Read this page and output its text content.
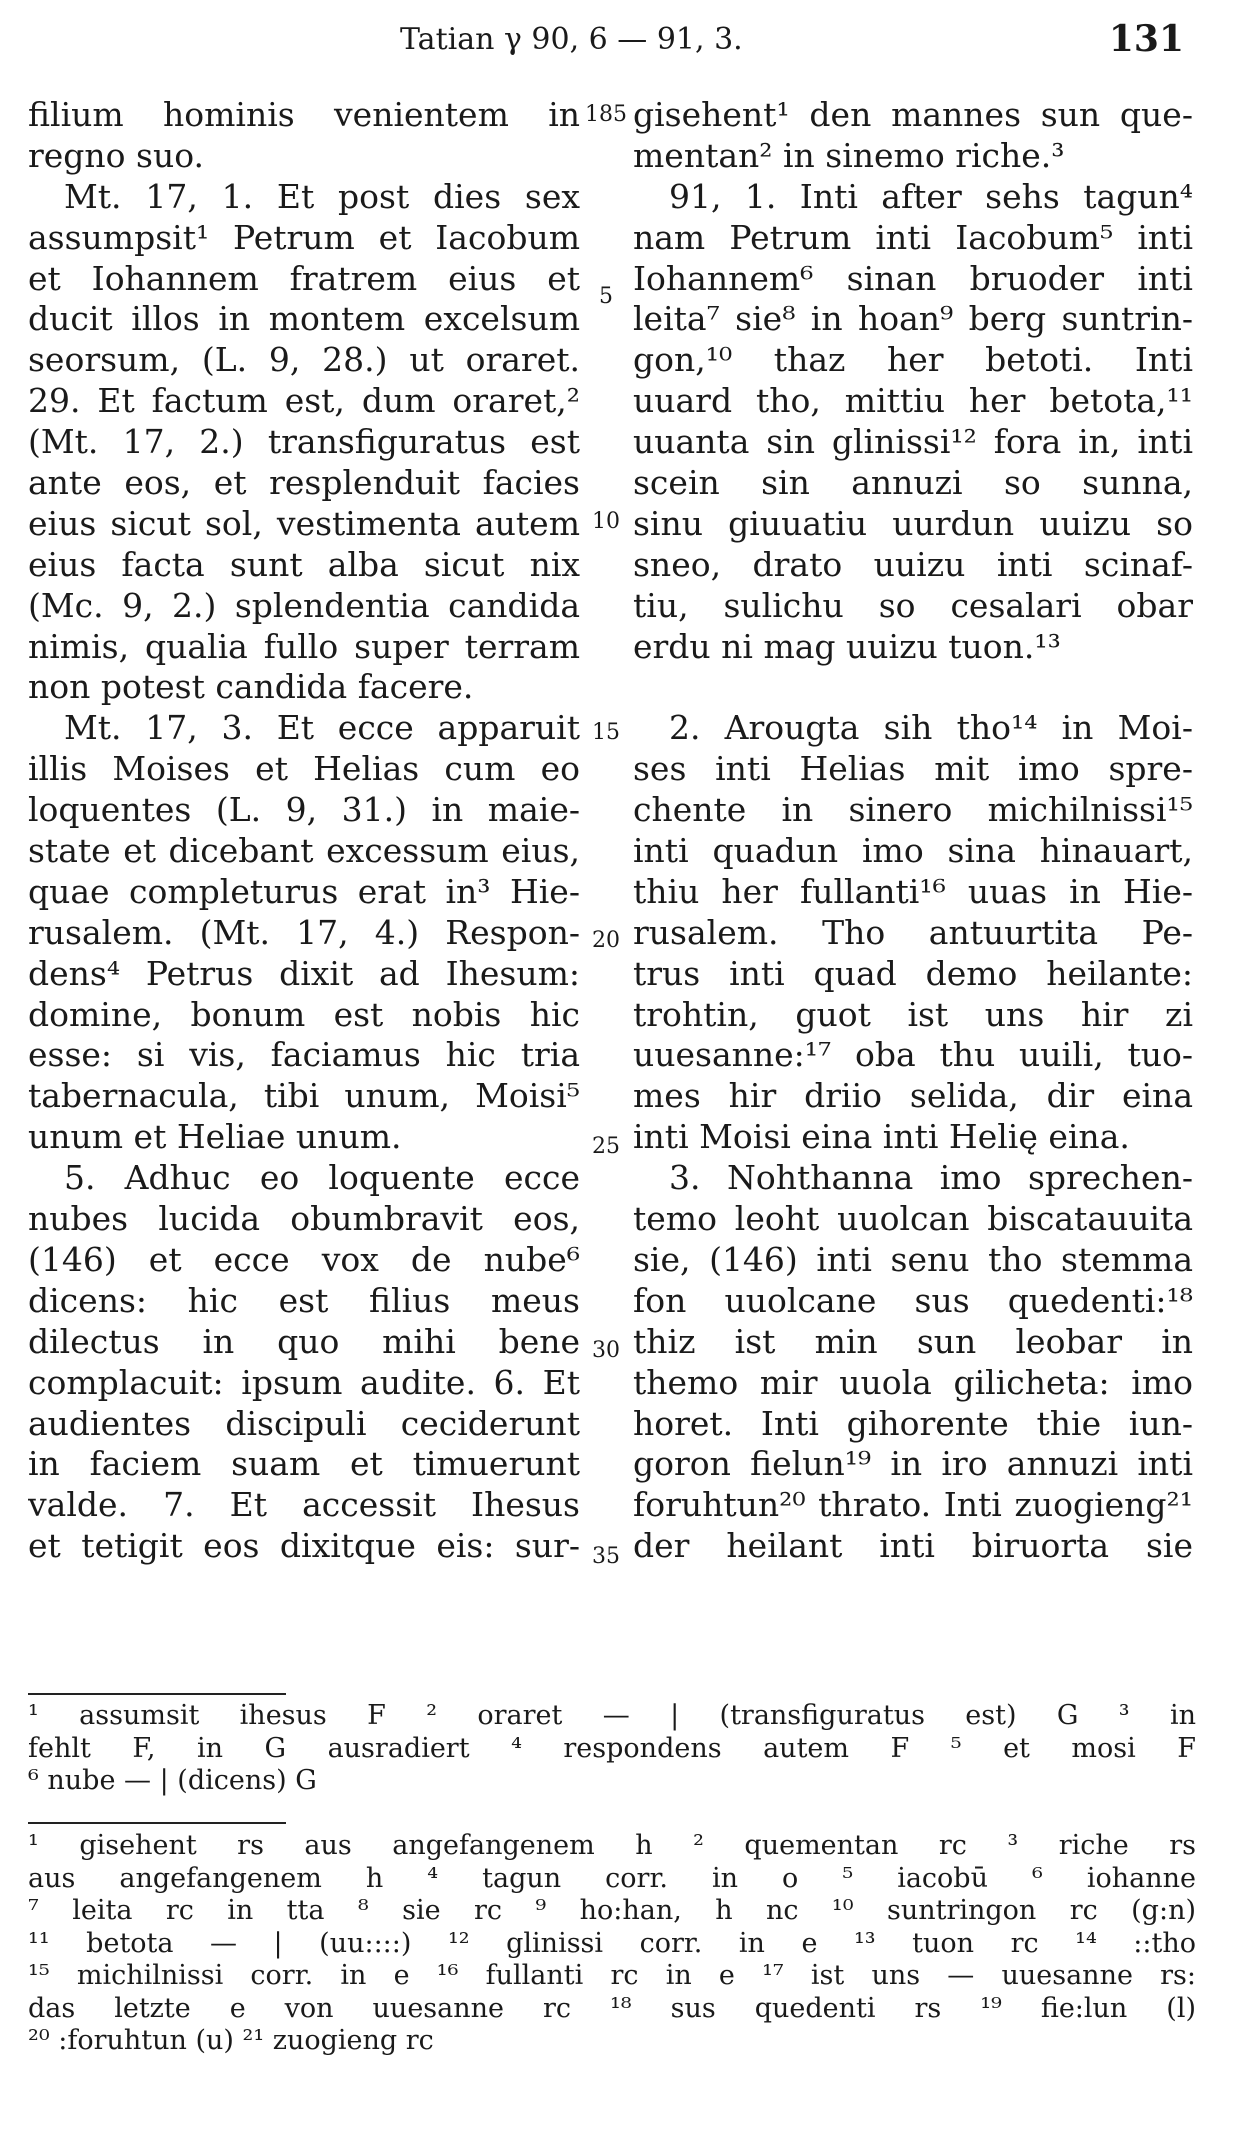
Tatian γ 90, 6 — 91, 3.	131
filium hominis venientem in
regno suo.
Mt. 17, 1. Et post dies sex
assumpsit¹ Petrum et Iacobum
et Iohannem fratrem eius et
ducit illos in montem excelsum
seorsum, (L. 9, 28.) ut oraret.
29. Et factum est, dum oraret,²
(Mt. 17, 2.) transfiguratus est
ante eos, et resplenduit facies
eius sicut sol, vestimenta autem
eius facta sunt alba sicut nix
(Mc. 9, 2.) splendentia candida
nimis, qualia fullo super terram
non potest candida facere.
Mt. 17, 3. Et ecce apparuit
illis Moises et Helias cum eo
loquentes (L. 9, 31.) in maie-
state et dicebant excessum eius,
quae completurus erat in³ Hie-
rusalem. (Mt. 17, 4.) Respon-
dens⁴ Petrus dixit ad Ihesum:
domine, bonum est nobis hic
esse: si vis, faciamus hic tria
tabernacula, tibi unum, Moisi⁵
unum et Heliae unum.
5. Adhuc eo loquente ecce
nubes lucida obumbravit eos,
(146) et ecce vox de nube⁶
dicens: hic est filius meus
dilectus in quo mihi bene
complacuit: ipsum audite. 6. Et
audientes discipuli ceciderunt
in faciem suam et timuerunt
valde. 7. Et accessit Ihesus
et tetigit eos dixitque eis: sur-
185
5
10
15
20
25
30
35
gisehent¹ den mannes sun que-
mentan² in sinemo riche.³
91, 1. Inti after sehs tagun⁴
nam Petrum inti Iacobum⁵ inti
Iohannem⁶ sinan bruoder inti
leita⁷ sie⁸ in hoan⁹ berg suntrin-
gon,¹⁰ thaz her betoti. Inti
uuard tho, mittiu her betota,¹¹
uuanta sin glinissi¹² fora in, inti
scein sin annuzi so sunna,
sinu giuuatiu uurdun uuizu so
sneo, drato uuizu inti scinaf-
tiu, sulichu so cesalari obar
erdu ni mag uuizu tuon.¹³
2. Arougta sih tho¹⁴ in Moi-
ses inti Helias mit imo spre-
chente in sinero michilnissi¹⁵
inti quadun imo sina hinauart,
thiu her fullanti¹⁶ uuas in Hie-
rusalem. Tho antuurtita Pe-
trus inti quad demo heilante:
trohtin, guot ist uns hir zi
uuesanne:¹⁷ oba thu uuili, tuo-
mes hir driio selida, dir eina
inti Moisi eina inti Helię eina.
3. Nohthanna imo sprechen-
temo leoht uuolcan biscatauuita
sie, (146) inti senu tho stemma
fon uuolcane sus quedenti:¹⁸
thiz ist min sun leobar in
themo mir uuola gilicheta: imo
horet. Inti gihorente thie iun-
goron fielun¹⁹ in iro annuzi inti
foruhtun²⁰ thrato. Inti zuogieng²¹
der heilant inti biruorta sie
¹ assumsit ihesus F ² oraret — | (transfiguratus est) G ³ in
fehlt F, in G ausradiert ⁴ respondens autem F ⁵ et mosi F
⁶ nube — | (dicens) G
¹ gisehent rs aus angefangenem h ² quementan rc ³ riche rs
aus angefangenem h ⁴ tagun corr. in o ⁵ iacobū ⁶ iohanne
⁷ leita rc in tta ⁸ sie rc ⁹ ho:han, h nc ¹⁰ suntringon rc (g:n)
¹¹ betota — | (uu::::) ¹² glinissi corr. in e ¹³ tuon rc ¹⁴ ::tho
¹⁵ michilnissi corr. in e ¹⁶ fullanti rc in e ¹⁷ ist uns — uuesanne rs:
das letzte e von uuesanne rc ¹⁸ sus quedenti rs ¹⁹ fie:lun (l)
²⁰ :foruhtun (u) ²¹ zuogieng rc
